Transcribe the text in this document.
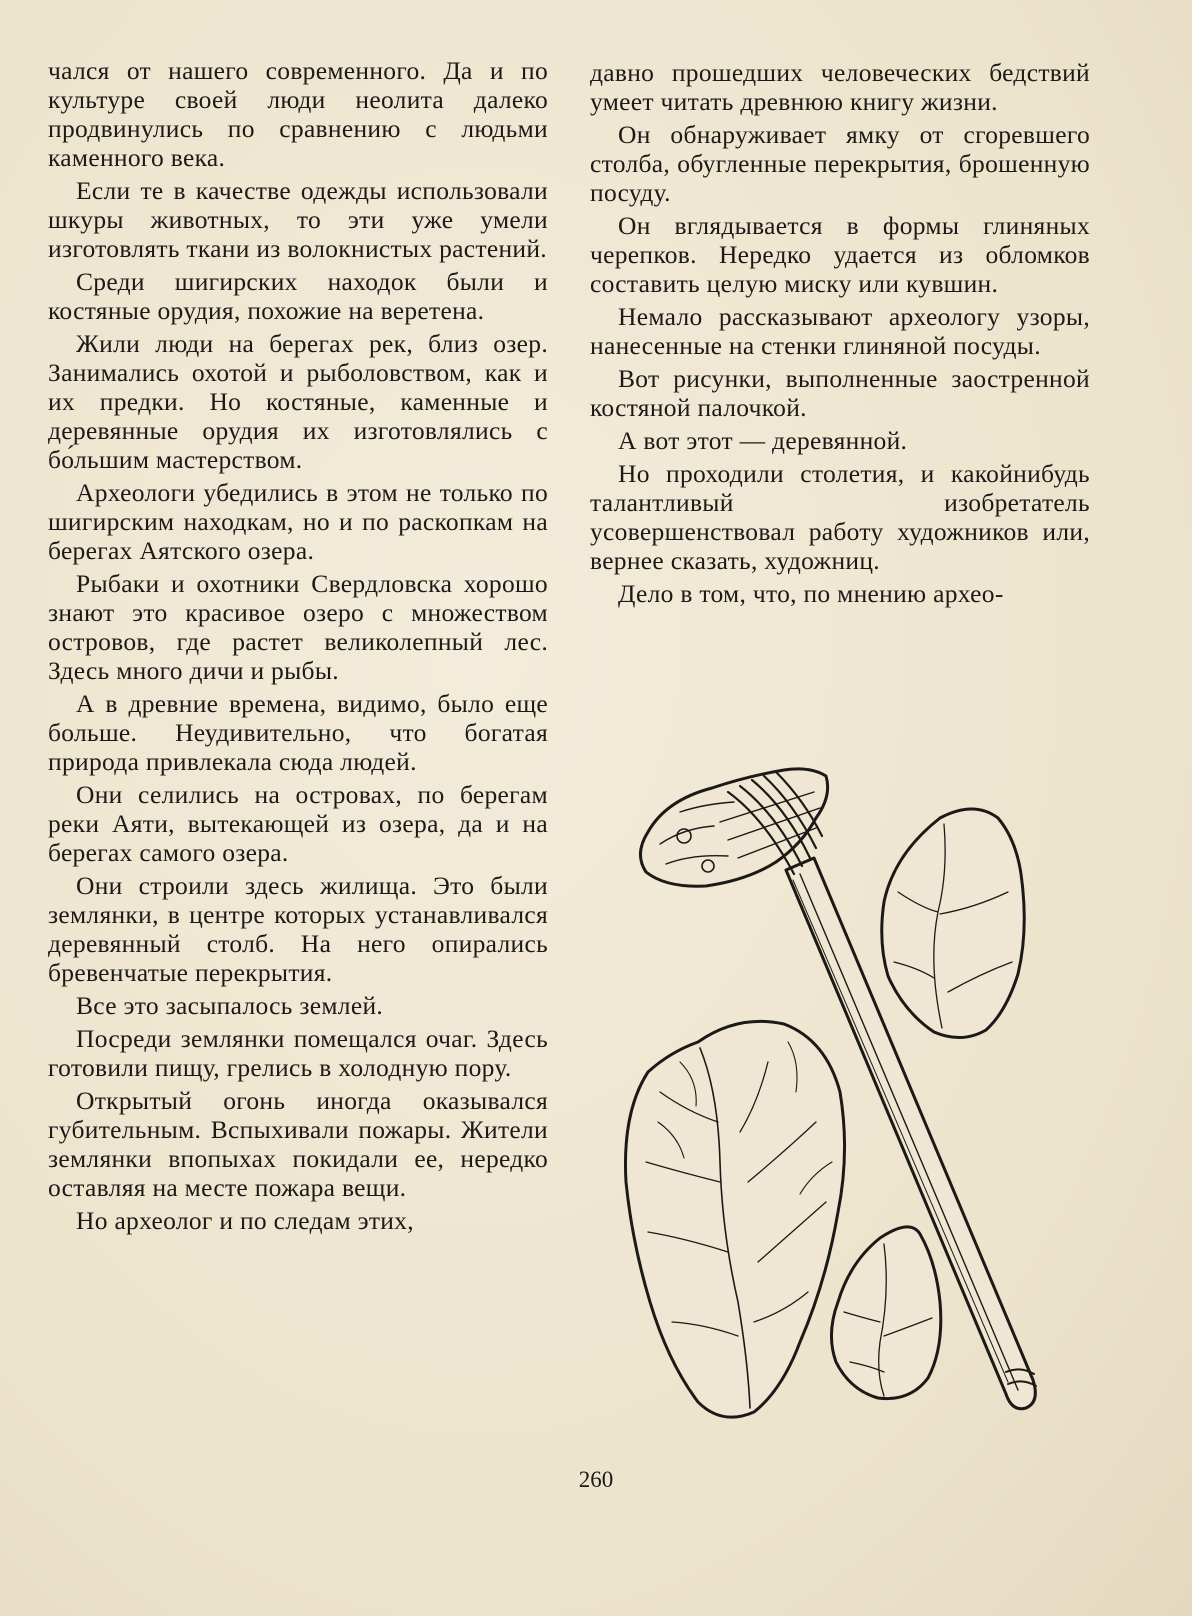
чался от нашего современного. Да и по культуре своей люди неолита далеко продвинулись по сравнению с людьми каменного века.

Если те в качестве одежды использовали шкуры животных, то эти уже умели изготовлять ткани из волокнистых растений.

Среди шигирских находок были и костяные орудия, похожие на веретена.

Жили люди на берегах рек, близ озер. Занимались охотой и рыболовством, как и их предки. Но костяные, каменные и деревянные орудия их изготовлялись с бо́льшим мастерством.

Археологи убедились в этом не только по шигирским находкам, но и по раскопкам на берегах Аятского озера.

Рыбаки и охотники Свердловска хорошо знают это красивое озеро с множеством островов, где растет великолепный лес. Здесь много дичи и рыбы.

А в древние времена, видимо, было еще больше. Неудивительно, что богатая природа привлекала сюда людей.

Они селились на островах, по берегам реки Аяти, вытекающей из озера, да и на берегах самого озера.

Они строили здесь жилища. Это были землянки, в центре которых устанавливался деревянный столб. На него опирались бревенчатые перекрытия.

Все это засыпалось землей.

Посреди землянки помещался очаг. Здесь готовили пищу, грелись в холодную пору.

Открытый огонь иногда оказывался губительным. Вспыхивали пожары. Жители землянки впопыхах покидали ее, нередко оставляя на месте пожара вещи.

Но археолог и по следам этих,

давно прошедших человеческих бедствий умеет читать древнюю книгу жизни.

Он обнаруживает ямку от сгоревшего столба, обугленные перекрытия, брошенную посуду.

Он вглядывается в формы глиняных черепков. Нередко удается из обломков составить целую миску или кувшин.

Немало рассказывают археологу узоры, нанесенные на стенки глиняной посуды.

Вот рисунки, выполненные заостренной костяной палочкой.

А вот этот — деревянной.

Но проходили столетия, и какойнибудь талантливый изобретатель усовершенствовал работу художников или, вернее сказать, художниц.

Дело в том, что, по мнению архео-

260
